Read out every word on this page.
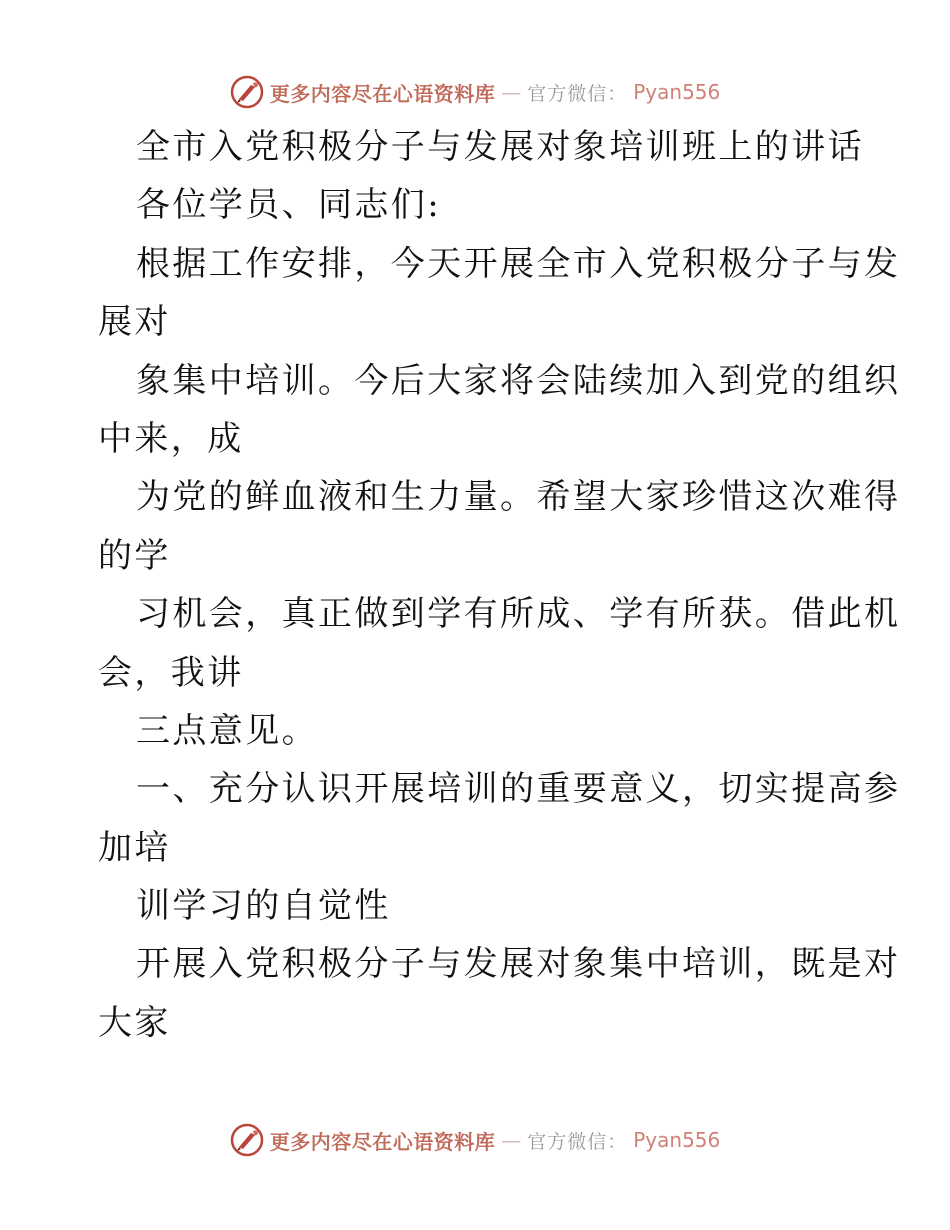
更多内容尽在心语资料库 — 官方微信： Pyan556
全市入党积极分子与发展对象培训班上的讲话
各位学员、同志们:
根据工作安排，今天开展全市入党积极分子与发
展对
象集中培训。今后大家将会陆续加入到党的组织
中来，成
为党的鲜血液和生力量。希望大家珍惜这次难得
的学
习机会，真正做到学有所成、学有所获。借此机
会，我讲
三点意见。
一、充分认识开展培训的重要意义，切实提高参
加培
训学习的自觉性
开展入党积极分子与发展对象集中培训，既是对
大家
更多内容尽在心语资料库 — 官方微信： Pyan556
